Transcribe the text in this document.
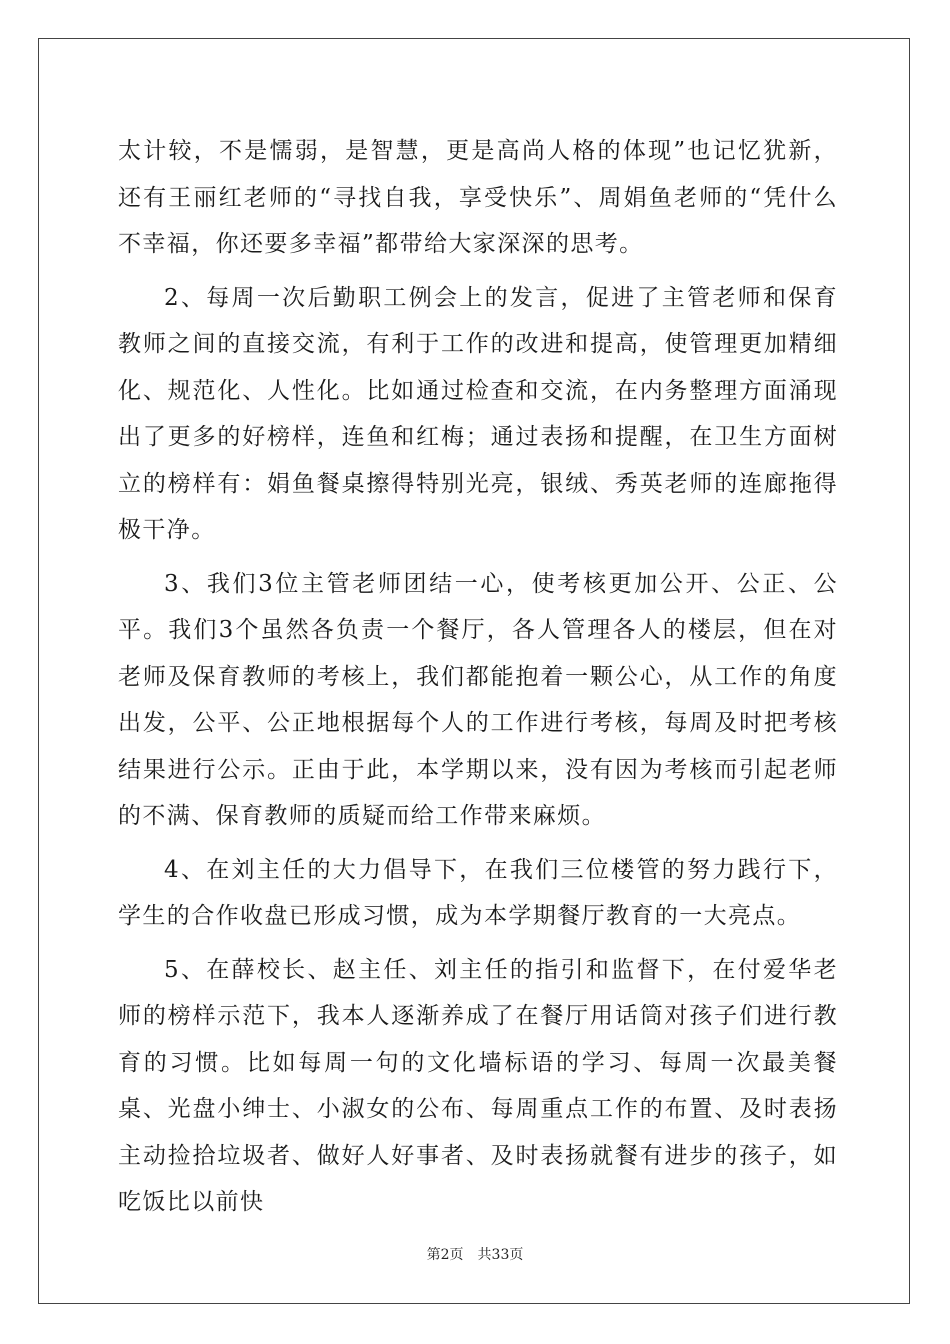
太计较，不是懦弱，是智慧，更是高尚人格的体现”也记忆犹新，还有王丽红老师的“寻找自我，享受快乐”、周娟鱼老师的“凭什么不幸福，你还要多幸福”都带给大家深深的思考。

2、每周一次后勤职工例会上的发言，促进了主管老师和保育教师之间的直接交流，有利于工作的改进和提高，使管理更加精细化、规范化、人性化。比如通过检查和交流，在内务整理方面涌现出了更多的好榜样，连鱼和红梅；通过表扬和提醒，在卫生方面树立的榜样有：娟鱼餐桌擦得特别光亮，银绒、秀英老师的连廊拖得极干净。

3、我们3位主管老师团结一心，使考核更加公开、公正、公平。我们3个虽然各负责一个餐厅，各人管理各人的楼层，但在对老师及保育教师的考核上，我们都能抱着一颗公心，从工作的角度出发，公平、公正地根据每个人的工作进行考核，每周及时把考核结果进行公示。正由于此，本学期以来，没有因为考核而引起老师的不满、保育教师的质疑而给工作带来麻烦。

4、在刘主任的大力倡导下，在我们三位楼管的努力践行下，学生的合作收盘已形成习惯，成为本学期餐厅教育的一大亮点。

5、在薛校长、赵主任、刘主任的指引和监督下，在付爱华老师的榜样示范下，我本人逐渐养成了在餐厅用话筒对孩子们进行教育的习惯。比如每周一句的文化墙标语的学习、每周一次最美餐桌、光盘小绅士、小淑女的公布、每周重点工作的布置、及时表扬主动捡拾垃圾者、做好人好事者、及时表扬就餐有进步的孩子，如吃饭比以前快

第2页 共33页
